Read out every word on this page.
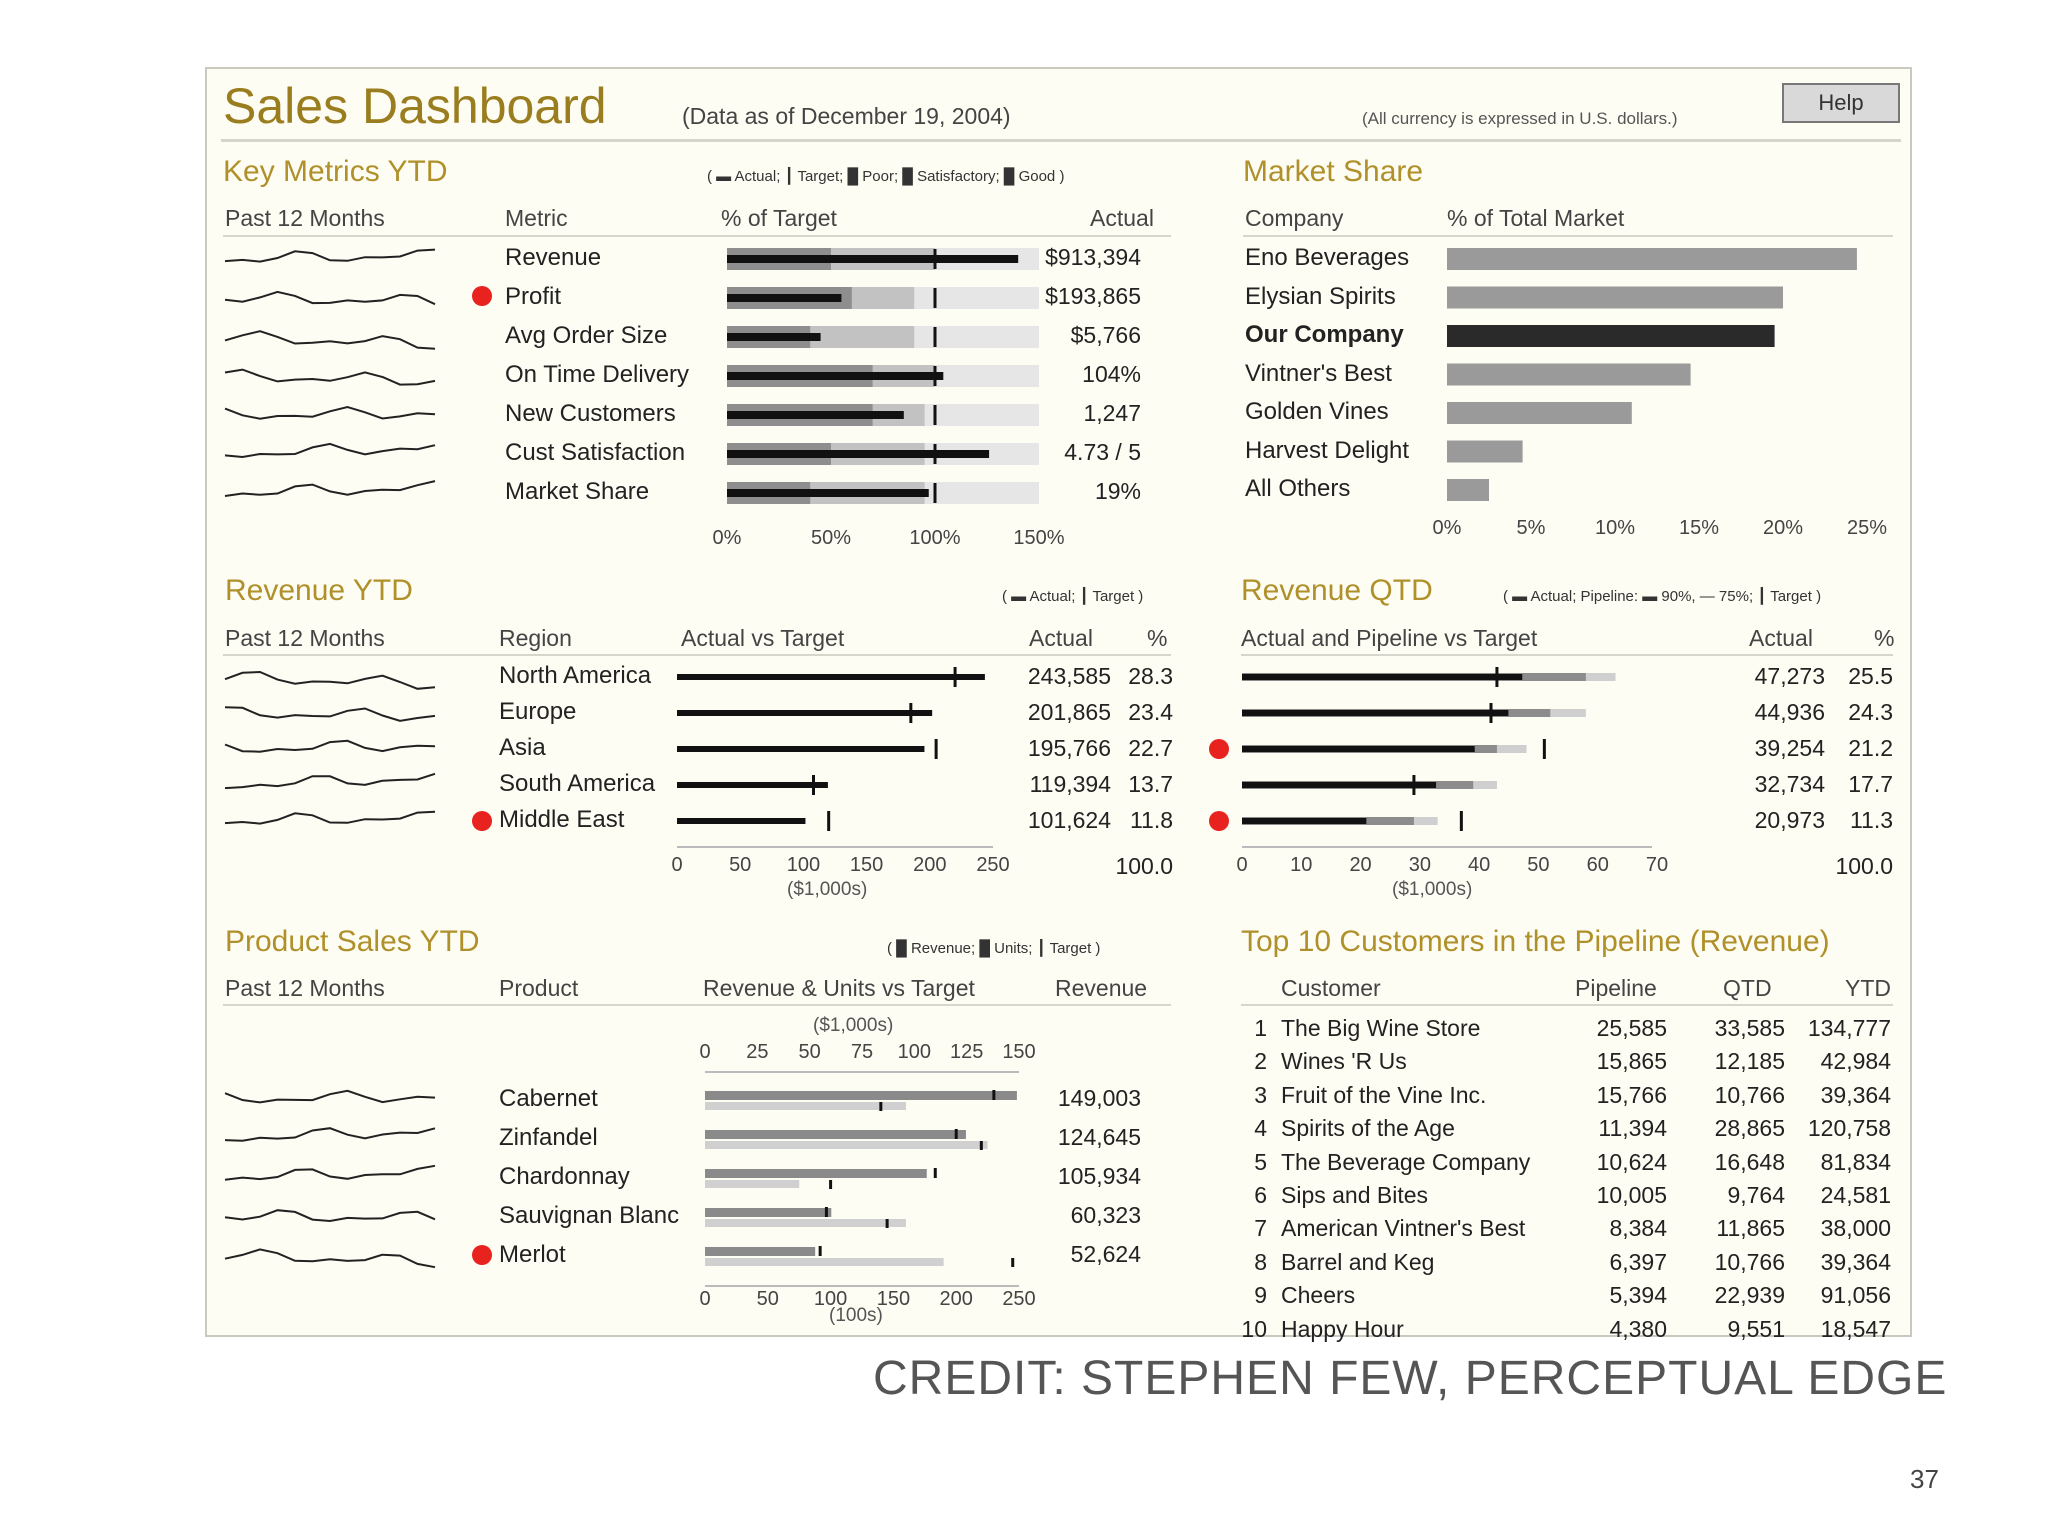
Sales Dashboard	(Data as of December 19, 2004)	(All currency is expressed in U.S. dollars.)
Help
Key Metrics YTD	( ▬ Actual; ┃ Target; █ Poor; █ Satisfactory; █ Good )
Past 12 Months	Metric	% of Target	Actual
Revenue	$913,394
Profit	$193,865
Avg Order Size	$5,766
On Time Delivery	104%
New Customers	1,247
Cust Satisfaction	4.73 / 5
Market Share	19%
0%	50%	100%	150%
Market Share
Company	% of Total Market
Eno Beverages
Elysian Spirits
Our Company
Vintner's Best
Golden Vines
Harvest Delight
All Others
0%	5%	10%	15%	20%	25%
Revenue YTD	( ▬ Actual; ┃ Target )
Past 12 Months	Region	Actual vs Target	Actual %
North America	243,585 28.3
Europe	201,865 23.4
Asia	195,766 22.7
South America	119,394 13.7
Middle East	101,624 11.8
0	50	100	150	200	250
($1,000s)
100.0
Revenue QTD	( ▬ Actual; Pipeline: ▬ 90%, — 75%; ┃ Target )
Actual and Pipeline vs Target	Actual	%
47,273	25.5
44,936	24.3
39,254	21.2
32,734	17.7
20,973	11.3
0	10	20	30	40	50	60	70
($1,000s)
100.0
Product Sales YTD	( █ Revenue; █ Units; ┃ Target )
Past 12 Months	Product	Revenue & Units vs Target	Revenue
($1,000s)
(100s)
0	25	50	75	100 125 150
Cabernet	149,003
Zinfandel	124,645
Chardonnay	105,934
Sauvignan Blanc	60,323
Merlot	52,624
0	50	100	150	200	250
Top 10 Customers in the Pipeline (Revenue)
Customer	Pipeline	QTD	YTD
1 The Big Wine Store	25,585	33,585 134,777
2 Wines 'R Us	15,865	12,185	42,984
3 Fruit of the Vine Inc.	15,766	10,766	39,364
4 Spirits of the Age	11,394	28,865 120,758
5 The Beverage Company	10,624	16,648	81,834
6 Sips and Bites	10,005	9,764	24,581
7 American Vintner's Best	8,384	11,865	38,000
8 Barrel and Keg	6,397	10,766	39,364
9 Cheers	5,394	22,939	91,056
10 Happy Hour	4,380	9,551	18,547
CREDIT: STEPHEN FEW, PERCEPTUAL EDGE
37
